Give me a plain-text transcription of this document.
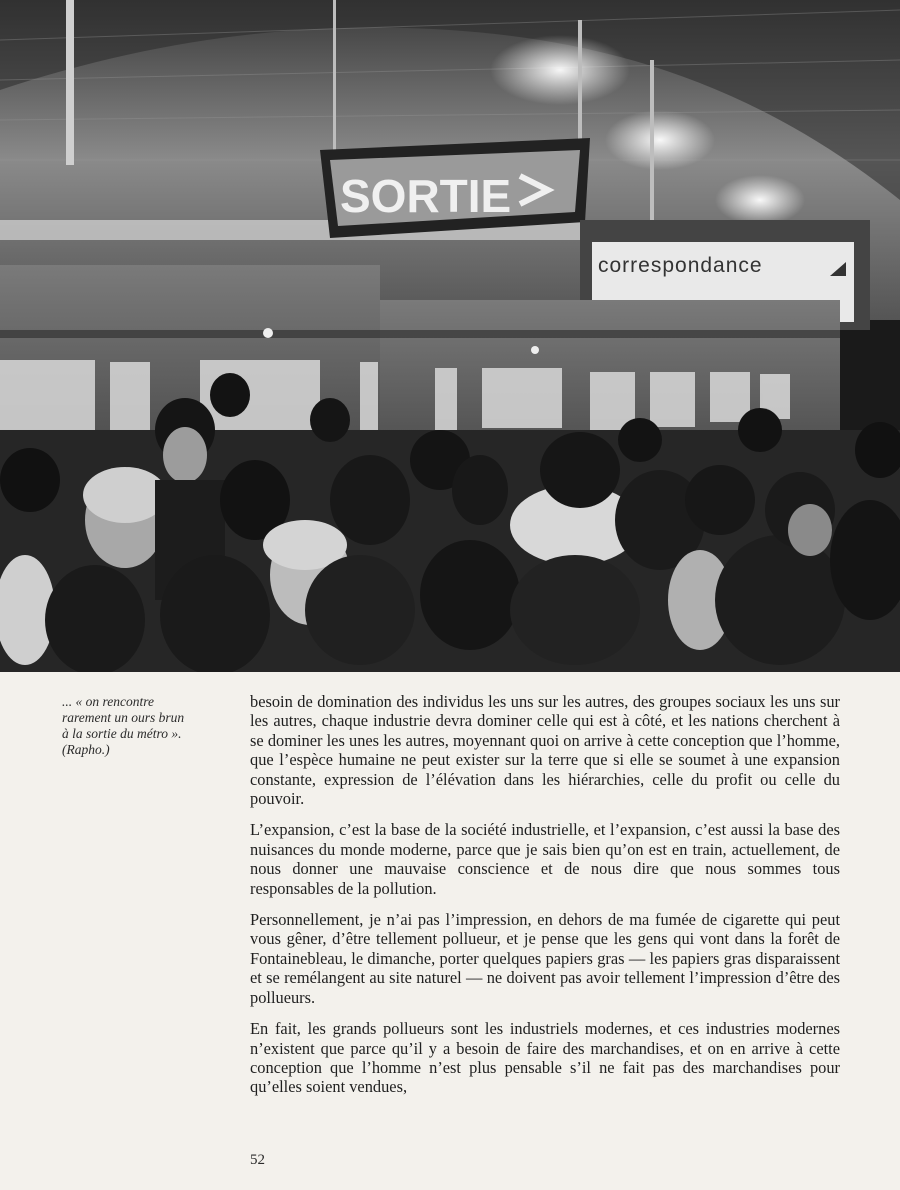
SORTIE
correspondance
... « on rencontre
rarement un ours brun
à la sortie du métro ».
(Rapho.)

besoin de domination des individus les uns sur les autres, des groupes sociaux les uns sur les autres, chaque industrie devra dominer celle qui est à côté, et les nations cherchent à se dominer les unes les autres, moyennant quoi on arrive à cette conception que l’homme, que l’espèce humaine ne peut exister sur la terre que si elle se soumet à une expansion constante, expression de l’élévation dans les hiérarchies, celle du profit ou celle du pouvoir.

L’expansion, c’est la base de la société industrielle, et l’expansion, c’est aussi la base des nuisances du monde moderne, parce que je sais bien qu’on est en train, actuellement, de nous donner une mauvaise conscience et de nous dire que nous sommes tous responsables de la pollution.

Personnellement, je n’ai pas l’impression, en dehors de ma fumée de cigarette qui peut vous gêner, d’être tellement pollueur, et je pense que les gens qui vont dans la forêt de Fontainebleau, le dimanche, porter quelques papiers gras — les papiers gras disparaissent et se remélangent au site naturel — ne doivent pas avoir tellement l’impression d’être des pollueurs.

En fait, les grands pollueurs sont les industriels modernes, et ces industries modernes n’existent que parce qu’il y a besoin de faire des marchandises, et on en arrive à cette conception que l’homme n’est plus pensable s’il ne fait pas des marchandises pour qu’elles soient vendues,

52
